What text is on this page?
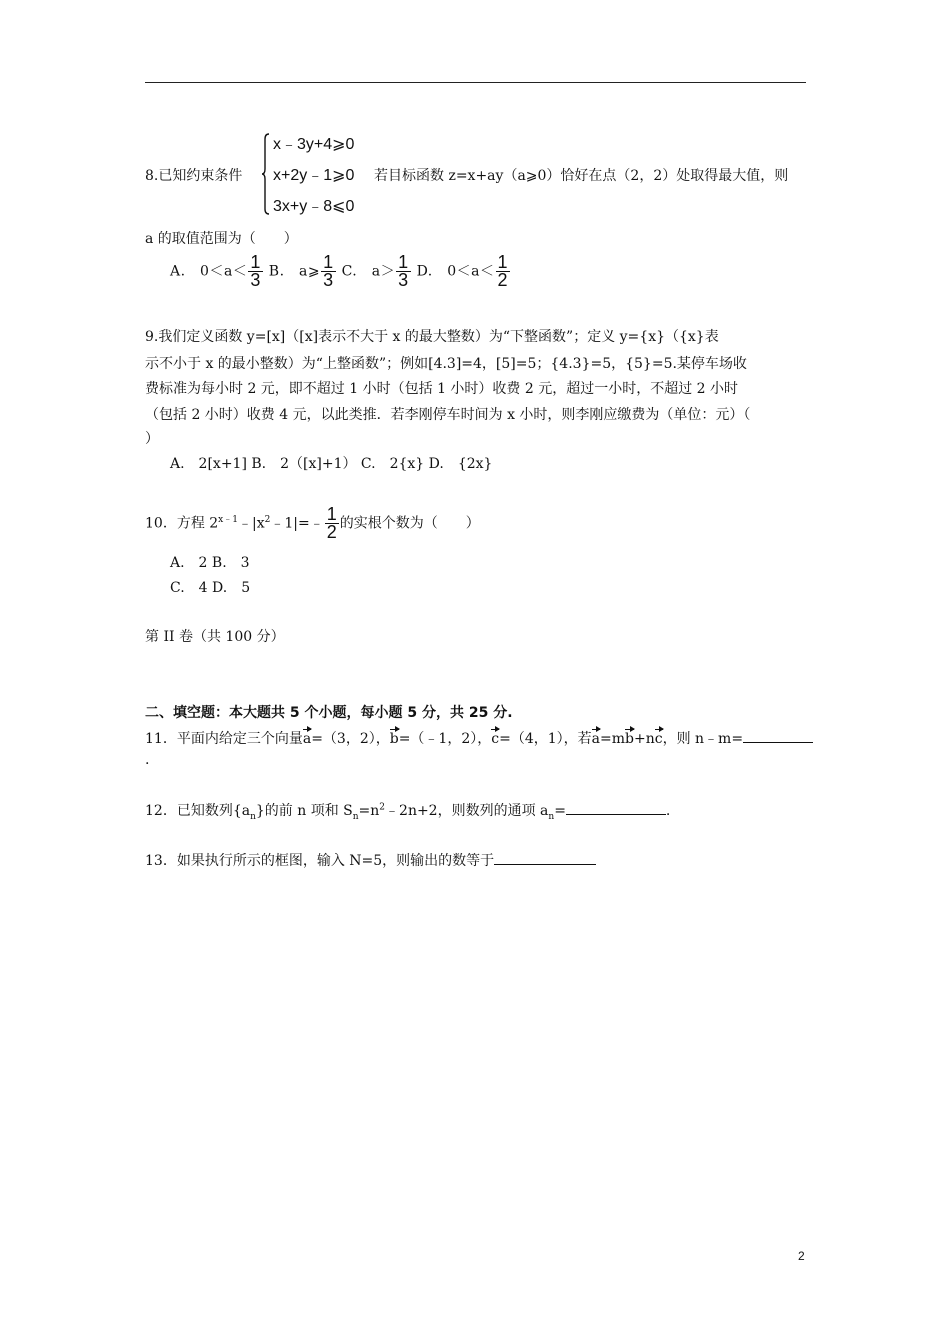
x﹣3y+4⩾0
8.已知约束条件 x+2y﹣1⩾0 若目标函数 z=x+ay（a⩾0）恰好在点（2，2）处取得最大值，则
3x+y﹣8⩽0
a 的取值范围为（　　）
A.　$0<a< \frac{1}{3} B$.　a⩾ $\frac{1}{3} C$.　$a> \frac{1}{3} D$.　$0<a< \frac{1}{2}$
9.我们定义函数 y=[x]（[x]表示不大于 x 的最大整数）为“下整函数”；定义 y={x}（{x}表
示不小于 x 的最小整数）为“上整函数”；例如[4.3]=4，[5]=5；{4.3}=5，{5}=5.某停车场收
费标准为每小时 2 元，即不超过 1 小时（包括 1 小时）收费 2 元，超过一小时，不超过 2 小时
（包括 2 小时）收费 4 元，以此类推．若李刚停车时间为 x 小时，则李刚应缴费为（单位：元）（
）
A.　2[x+1] B.　2（[x]+1） C.　2{x} D.　{2x}
10．方程 $2^{x﹣1}﹣|x^2﹣1|=﹣ \frac{1}{2}$ 的实根个数为（　　）
A.　2 B.　3
C.　4 D.　5
第 II 卷（共 100 分）
二、填空题：本大题共 5 个小题，每小题 5 分，共 25 分.
11．平面内给定三个向量a=（3，2），b=（﹣1，2），c=（4，1），若a=mb+nc，则 n﹣m=
.
12．已知数列$\{a_n\}$的前 n 项和 $S_n=n^2﹣2n+2$，则数列的通项 $a_n=$	.
13．如果执行所示的框图，输入 N=5，则输出的数等于
2
